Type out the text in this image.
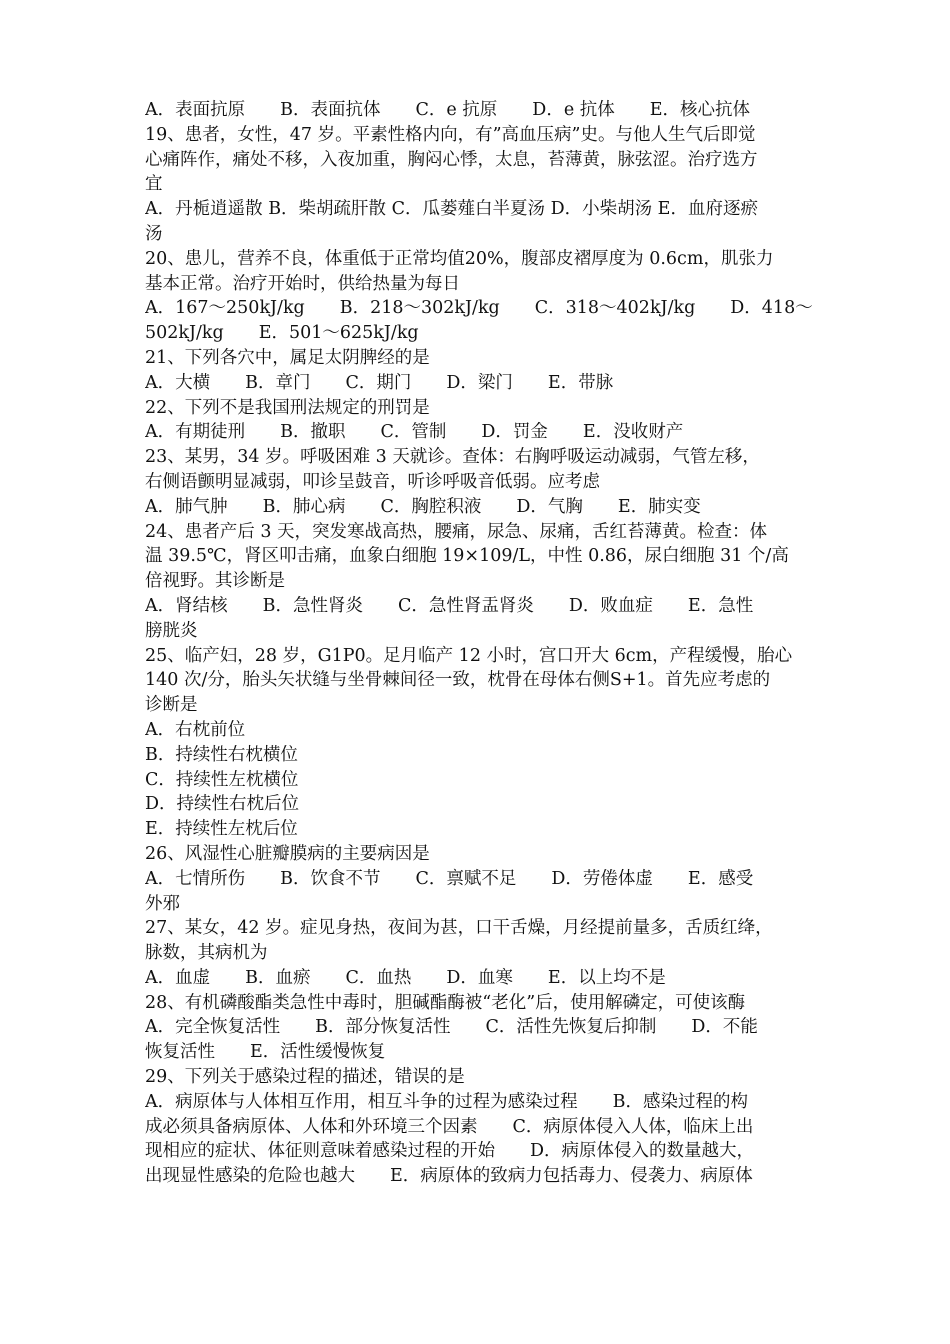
A．表面抗原　　B．表面抗体　　C．e 抗原　　D．e 抗体　　E．核心抗体
19、患者，女性，47 岁。平素性格内向，有”高血压病”史。与他人生气后即觉
心痛阵作，痛处不移，入夜加重，胸闷心悸，太息，苔薄黄，脉弦涩。治疗选方
宜
A．丹栀逍遥散 B．柴胡疏肝散 C．瓜蒌薤白半夏汤 D．小柴胡汤 E．血府逐瘀
汤
20、患儿，营养不良，体重低于正常均值20%，腹部皮褶厚度为 0.6cm，肌张力
基本正常。治疗开始时，供给热量为每日
A．167～250kJ/kg　　B．218～302kJ/kg　　C．318～402kJ/kg　　D．418～
502kJ/kg　　E．501～625kJ/kg
21、下列各穴中，属足太阴脾经的是
A．大横　　B．章门　　C．期门　　D．梁门　　E．带脉
22、下列不是我国刑法规定的刑罚是
A．有期徒刑　　B．撤职　　C．管制　　D．罚金　　E．没收财产
23、某男，34 岁。呼吸困难 3 天就诊。查体：右胸呼吸运动减弱，气管左移，
右侧语颤明显减弱，叩诊呈鼓音，听诊呼吸音低弱。应考虑
A．肺气肿　　B．肺心病　　C．胸腔积液　　D．气胸　　E．肺实变
24、患者产后 3 天，突发寒战高热，腰痛，尿急、尿痛，舌红苔薄黄。检查：体
温 39.5℃，肾区叩击痛，血象白细胞 19×109/L，中性 0.86，尿白细胞 31 个/高
倍视野。其诊断是
A．肾结核　　B．急性肾炎　　C．急性肾盂肾炎　　D．败血症　　E．急性
膀胱炎
25、临产妇，28 岁，G1P0。足月临产 12 小时，宫口开大 6cm，产程缓慢，胎心
140 次/分，胎头矢状缝与坐骨棘间径一致，枕骨在母体右侧S+1。首先应考虑的
诊断是
A．右枕前位
B．持续性右枕横位
C．持续性左枕横位
D．持续性右枕后位
E．持续性左枕后位
26、风湿性心脏瓣膜病的主要病因是
A．七情所伤　　B．饮食不节　　C．禀赋不足　　D．劳倦体虚　　E．感受
外邪
27、某女，42 岁。症见身热，夜间为甚，口干舌燥，月经提前量多，舌质红绛，
脉数，其病机为
A．血虚　　B．血瘀　　C．血热　　D．血寒　　E．以上均不是
28、有机磷酸酯类急性中毒时，胆碱酯酶被“老化”后，使用解磷定，可使该酶
A．完全恢复活性　　B．部分恢复活性　　C．活性先恢复后抑制　　D．不能
恢复活性　　E．活性缓慢恢复
29、下列关于感染过程的描述，错误的是
A．病原体与人体相互作用，相互斗争的过程为感染过程　　B．感染过程的构
成必须具备病原体、人体和外环境三个因素　　C．病原体侵入人体，临床上出
现相应的症状、体征则意味着感染过程的开始　　D．病原体侵入的数量越大，
出现显性感染的危险也越大　　E．病原体的致病力包括毒力、侵袭力、病原体
